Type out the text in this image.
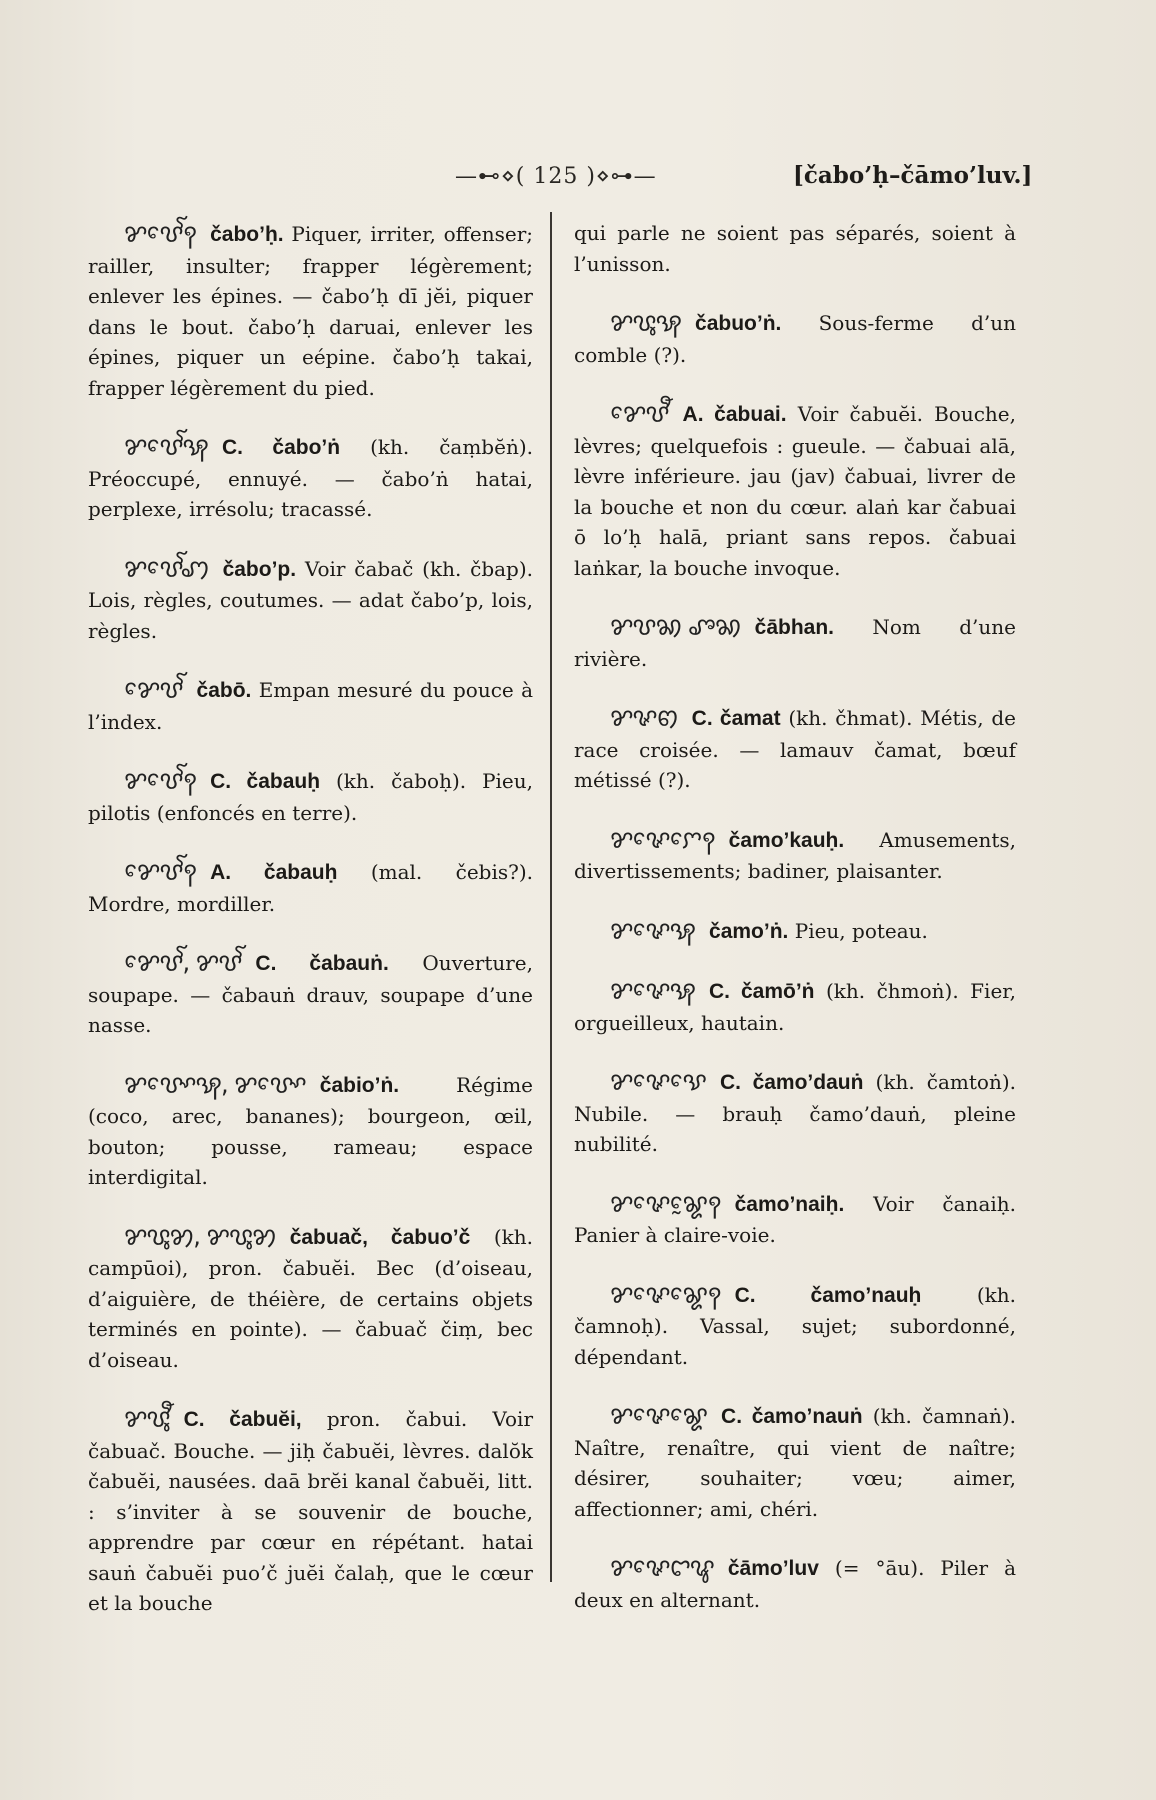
—⊷⋄( 125 )⋄⊶—	[čabo’ḥ–čāmo’luv.]

ꨌꨝꨯꨱꩍ čabo’ḥ. Piquer, irriter, offenser; railler, insulter; frapper légèrement; enlever les épines. — čabo’ḥ dī jĕi, piquer dans le bout. čabo’ḥ daruai, enlever les épines, piquer un eépine. čabo’ḥ takai, frapper légèrement du pied.

ꨌꨝꨯꨱꩂ C. čabo’ṅ (kh. čaṃbĕṅ). Préoccupé, ennuyé. — čabo’ṅ hatai, perplexe, irrésolu; tracassé.

ꨌꨝꨯꨱꩇ čabo’p. Voir čabač (kh. čbap). Lois, règles, coutumes. — adat čabo’p, lois, règles.

ꨌꨯꨝꨱ čabō. Empan mesuré du pouce à l’index.

ꨌꨝꨯꨱꩍ C. čabauḥ (kh. čaboḥ). Pieu, pilotis (enfoncés en terre).

ꨌꨯꨝꨱꩍ A. čabauḥ (mal. čebis?). Mordre, mordiller.

ꨌꨯꨝꨱ, ꨌꨝꨱ C. čabauṅ. Ouverture, soupape. — čabauṅ drauv, soupape d’une nasse.

ꨌꨝꨳꨯꩂ, ꨌꨝꨳꨯ čabio’ṅ.	Régime (coco, arec, bananes); bourgeon, œil, bouton; pousse, rameau; espace interdigital.

ꨌꨝꨶꩄ, ꨌꨝꨶꩄ čabuač, čabuo’č (kh. campūoi), pron. čabuĕi. Bec (d’oiseau, d’aiguière, de théière, de certains objets terminés en pointe). — čabuač čiṃ, bec d’oiseau.

ꨌꨝꨶꨬ C. čabuĕi, pron. čabui. Voir čabuač. Bouche. — jiḥ čabuĕi, lèvres. dalŏk čabuĕi, nausées. daā brĕi kanal čabuĕi, litt. : s’inviter à se souvenir de bouche, apprendre par cœur en répétant. hatai sauṅ čabuĕi puo’č juĕi čalaḥ, que le cœur et la bouche

qui parle ne soient pas séparés, soient à l’unisson.

ꨌꨝꨶꩂ čabuo’ṅ. Sous-ferme d’un comble (?).

ꨌꨯꨝꨬ A. čabuai. Voir čabuĕi. Bouche, lèvres; quelquefois : gueule. — čabuai alā, lèvre inférieure. jau (jav) čabuai, livrer de la bouche et non du cœur. alaṅ kar čabuai ō lo’ḥ halā, priant sans repos. čabuai laṅkar, la bouche invoque.

ꨌꨝꩆ ꨨꩆ čābhan. Nom d’une rivière.

ꨌꨟꩅ C. čamat (kh. čhmat). Métis, de race croisée. — lamauv čamat, bœuf métissé (?).

ꨌꨟꨯꨆꨯꩍ čamo’kauḥ. Amusements, divertissements; badiner, plaisanter.

ꨌꨟꨯꩂ čamo’ṅ. Pieu, poteau.

ꨌꨟꨯꩂ C. čamō’ṅ (kh. čhmoṅ). Fier, orgueilleux, hautain.

ꨌꨟꨯꨕꨯ C. čamo’dauṅ (kh. čamtoṅ). Nubile. — brauḥ čamo’dauṅ, pleine nubilité.

ꨌꨟꨯꨘꨰꩍ čamo’naiḥ. Voir čanaiḥ. Panier à claire-voie.

ꨌꨟꨯꨘꨯꩍ C. čamo’nauḥ	(kh. čamnoḥ). Vassal, sujet; subordonné, dépendant.

ꨌꨟꨯꨘꨯ C. čamo’nauṅ (kh. čamnaṅ). Naître, renaître, qui vient de naître; désirer, souhaiter; vœu; aimer, affectionner; ami, chéri.

ꨌꨟꨯꨤꨥ čāmo’luv (= °āu). Piler à deux en alternant.
